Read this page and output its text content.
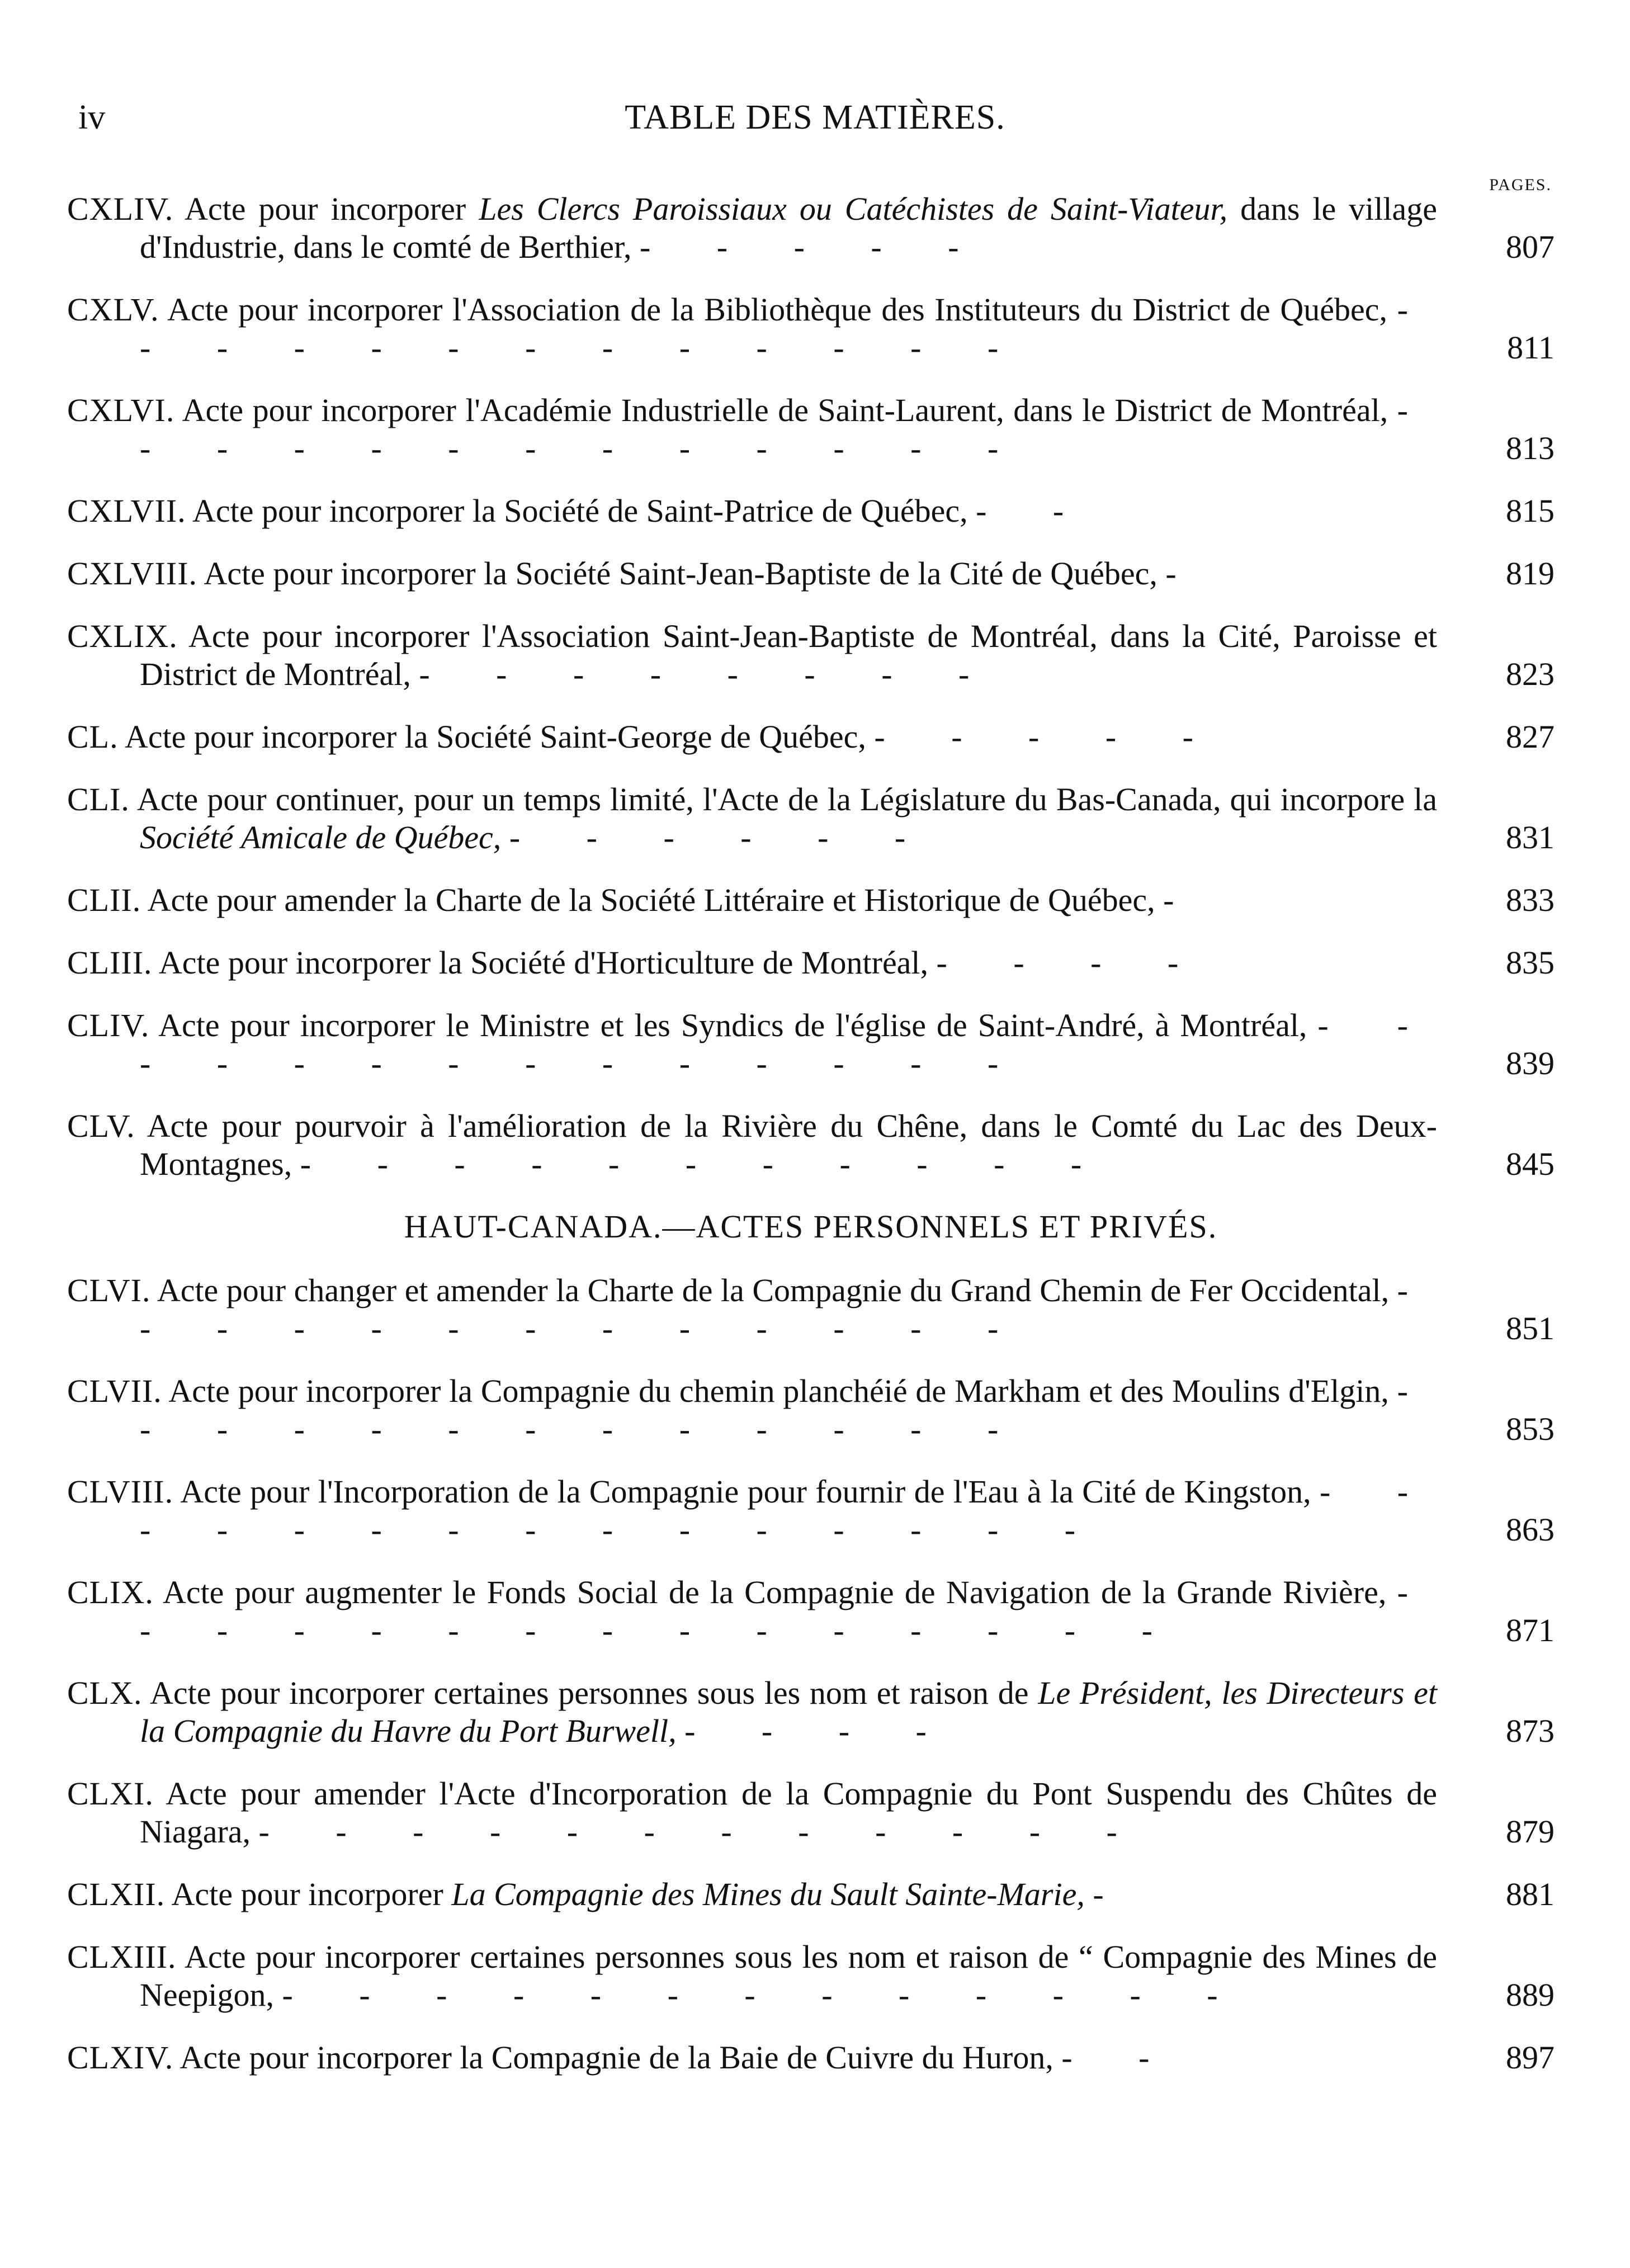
iv	TABLE DES MATIÈRES.
PAGES.
CXLIV. Acte pour incorporer Les Clercs Paroissiaux ou Catéchistes de Saint-Viateur, dans le village d'Industrie, dans le comté de Berthier, - - - - -	807
CXLV. Acte pour incorporer l'Association de la Bibliothèque des Instituteurs du District de Québec, - - - - - - - - - - - - -	811
CXLVI. Acte pour incorporer l'Académie Industrielle de Saint-Laurent, dans le District de Montréal, - - - - - - - - - - - - -	813
CXLVII. Acte pour incorporer la Société de Saint-Patrice de Québec, - -	815
CXLVIII. Acte pour incorporer la Société Saint-Jean-Baptiste de la Cité de Québec, -	819
CXLIX. Acte pour incorporer l'Association Saint-Jean-Baptiste de Montréal, dans la Cité, Paroisse et District de Montréal, - - - - - - - -	823
CL. Acte pour incorporer la Société Saint-George de Québec, - - - - -	827
CLI. Acte pour continuer, pour un temps limité, l'Acte de la Législature du Bas-Canada, qui incorpore la Société Amicale de Québec, - - - - - -	831
CLII. Acte pour amender la Charte de la Société Littéraire et Historique de Québec, -	833
CLIII. Acte pour incorporer la Société d'Horticulture de Montréal, - - - -	835
CLIV. Acte pour incorporer le Ministre et les Syndics de l'église de Saint-André, à Montréal, - - - - - - - - - - - - - -	839
CLV. Acte pour pourvoir à l'amélioration de la Rivière du Chêne, dans le Comté du Lac des Deux-Montagnes, - - - - - - - - - - -	845
HAUT-CANADA.—ACTES PERSONNELS ET PRIVÉS.
CLVI. Acte pour changer et amender la Charte de la Compagnie du Grand Chemin de Fer Occidental, - - - - - - - - - - - - -	851
CLVII. Acte pour incorporer la Compagnie du chemin planchéié de Markham et des Moulins d'Elgin, - - - - - - - - - - - - -	853
CLVIII. Acte pour l'Incorporation de la Compagnie pour fournir de l'Eau à la Cité de Kingston, - - - - - - - - - - - - - - -	863
CLIX. Acte pour augmenter le Fonds Social de la Compagnie de Navigation de la Grande Rivière, - - - - - - - - - - - - - - -	871
CLX. Acte pour incorporer certaines personnes sous les nom et raison de Le Président, les Directeurs et la Compagnie du Havre du Port Burwell, - - - -	873
CLXI. Acte pour amender l'Acte d'Incorporation de la Compagnie du Pont Suspendu des Chûtes de Niagara, - - - - - - - - - - - -	879
CLXII. Acte pour incorporer La Compagnie des Mines du Sault Sainte-Marie, -	881
CLXIII. Acte pour incorporer certaines personnes sous les nom et raison de “ Compagnie des Mines de Neepigon, - - - - - - - - - - - - -	889
CLXIV. Acte pour incorporer la Compagnie de la Baie de Cuivre du Huron, - -	897
